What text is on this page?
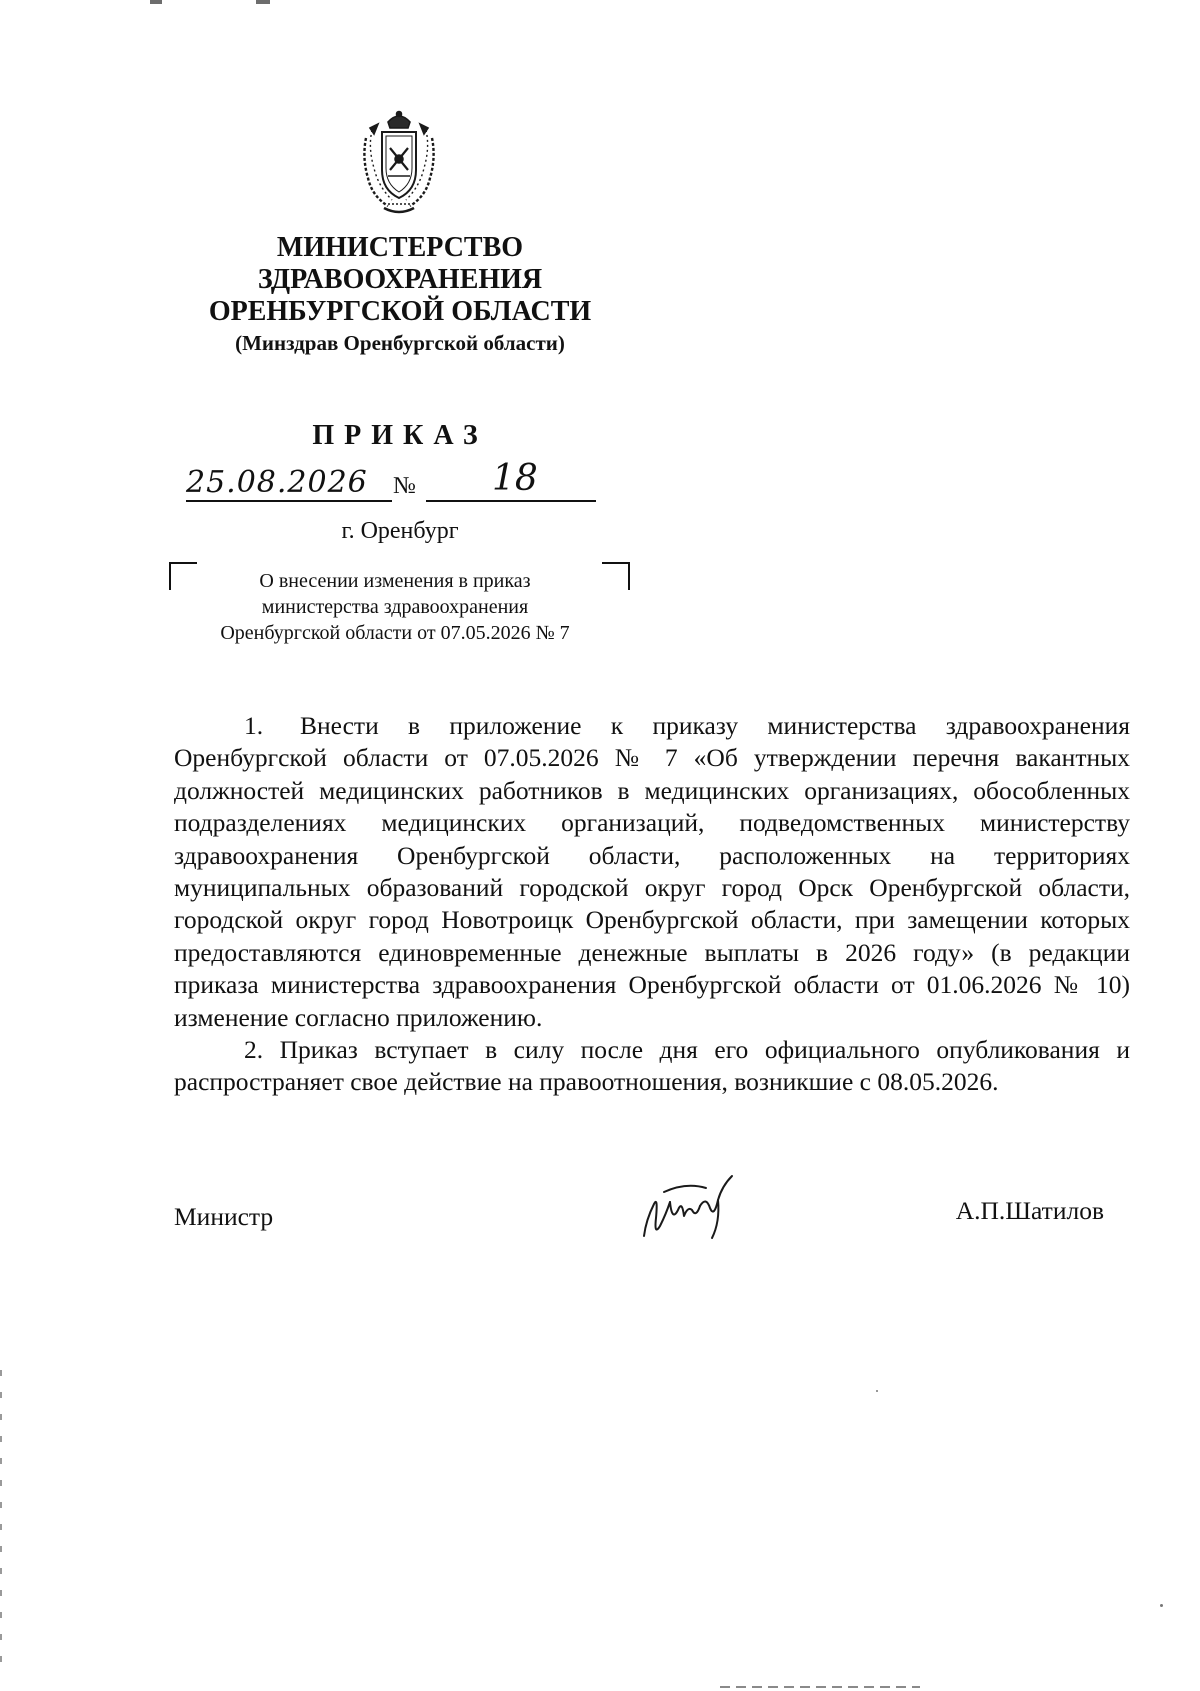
МИНИСТЕРСТВО
ЗДРАВООХРАНЕНИЯ
ОРЕНБУРГСКОЙ ОБЛАСТИ
(Минздрав Оренбургской области)
ПРИКАЗ
25.08.2026 № 18
г. Оренбург
О внесении изменения в приказ
министерства здравоохранения
Оренбургской области от 07.05.2026 № 7

1. Внести в приложение к приказу министерства здравоохранения Оренбургской области от 07.05.2026 № 7 «Об утверждении перечня вакантных должностей медицинских работников в медицинских организациях, обособленных подразделениях медицинских организаций, подведомственных министерству здравоохранения Оренбургской области, расположенных на территориях муниципальных образований городской округ город Орск Оренбургской области, городской округ город Новотроицк Оренбургской области, при замещении которых предоставляются единовременные денежные выплаты в 2026 году» (в редакции приказа министерства здравоохранения Оренбургской области от 01.06.2026 № 10) изменение согласно приложению.

2. Приказ вступает в силу после дня его официального опубликования и распространяет свое действие на правоотношения, возникшие с 08.05.2026.

Министр	А.П.Шатилов
